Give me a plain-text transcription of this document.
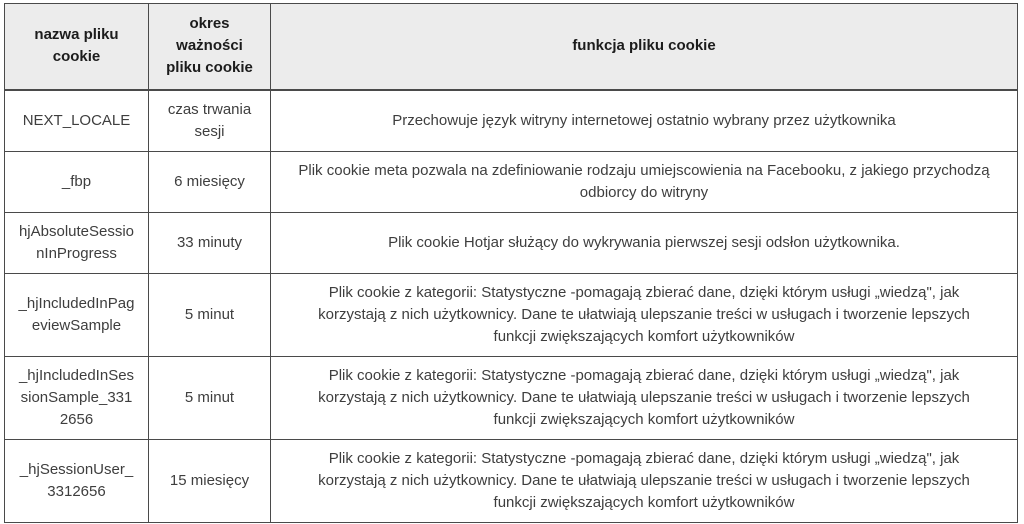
nazwa pliku cookie	okres ważności pliku cookie	funkcja pliku cookie
NEXT_LOCALE	czas trwania sesji	Przechowuje język witryny internetowej ostatnio wybrany przez użytkownika
_fbp	6 miesięcy	Plik cookie meta pozwala na zdefiniowanie rodzaju umiejscowienia na Facebooku, z jakiego przychodzą odbiorcy do witryny
hjAbsoluteSessionInProgress	33 minuty	Plik cookie Hotjar służący do wykrywania pierwszej sesji odsłon użytkownika.
_hjIncludedInPageviewSample	5 minut	Plik cookie z kategorii: Statystyczne -pomagają zbierać dane, dzięki którym usługi „wiedzą", jak korzystają z nich użytkownicy. Dane te ułatwiają ulepszanie treści w usługach i tworzenie lepszych funkcji zwiększających komfort użytkowników
_hjIncludedInSessionSample_3312656	5 minut	Plik cookie z kategorii: Statystyczne -pomagają zbierać dane, dzięki którym usługi „wiedzą", jak korzystają z nich użytkownicy. Dane te ułatwiają ulepszanie treści w usługach i tworzenie lepszych funkcji zwiększających komfort użytkowników
_hjSessionUser_3312656	15 miesięcy	Plik cookie z kategorii: Statystyczne -pomagają zbierać dane, dzięki którym usługi „wiedzą", jak korzystają z nich użytkownicy. Dane te ułatwiają ulepszanie treści w usługach i tworzenie lepszych funkcji zwiększających komfort użytkowników
